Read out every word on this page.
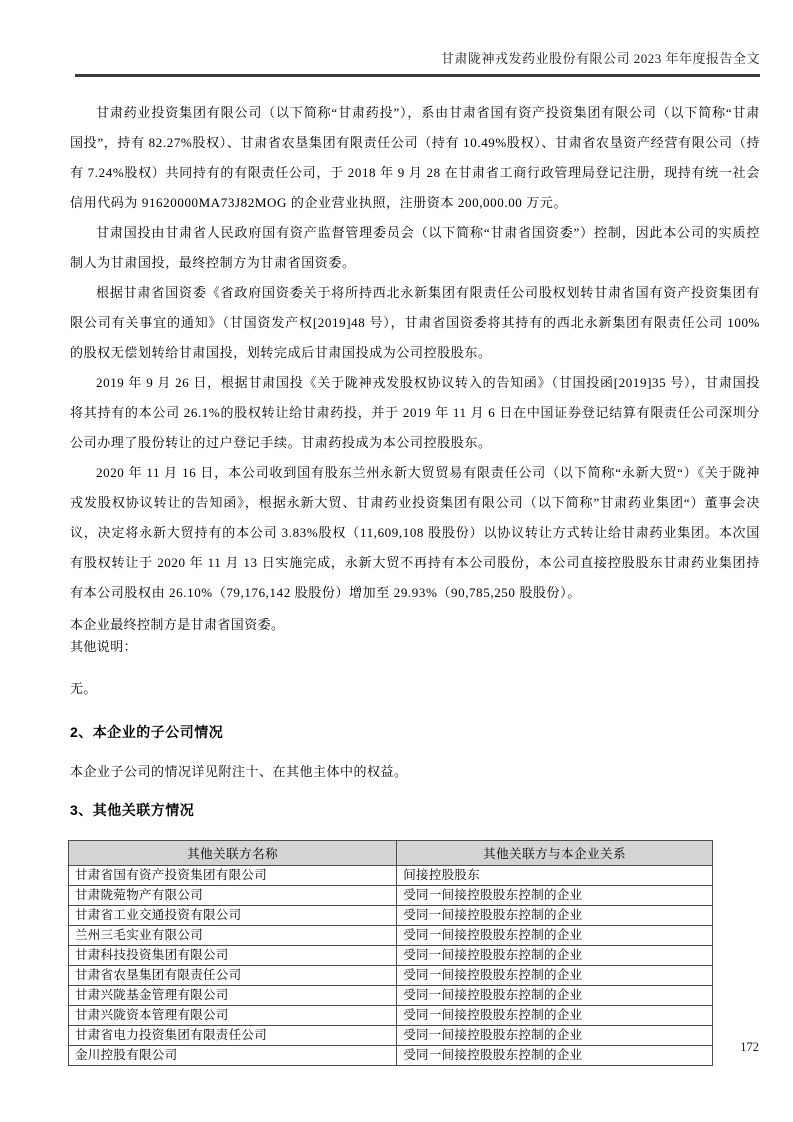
甘肃陇神戎发药业股份有限公司 2023 年年度报告全文

甘肃药业投资集团有限公司（以下简称“甘肃药投”），系由甘肃省国有资产投资集团有限公司（以下简称“甘肃国投”，持有 82.27%股权）、甘肃省农垦集团有限责任公司（持有 10.49%股权）、甘肃省农垦资产经营有限公司（持有 7.24%股权）共同持有的有限责任公司，于 2018 年 9 月 28 在甘肃省工商行政管理局登记注册，现持有统一社会信用代码为 91620000MA73J82MOG 的企业营业执照，注册资本 200,000.00 万元。

甘肃国投由甘肃省人民政府国有资产监督管理委员会（以下简称“甘肃省国资委”）控制，因此本公司的实质控制人为甘肃国投，最终控制方为甘肃省国资委。

根据甘肃省国资委《省政府国资委关于将所持西北永新集团有限责任公司股权划转甘肃省国有资产投资集团有限公司有关事宜的通知》（甘国资发产权[2019]48 号），甘肃省国资委将其持有的西北永新集团有限责任公司 100%的股权无偿划转给甘肃国投，划转完成后甘肃国投成为公司控股股东。

2019 年 9 月 26 日，根据甘肃国投《关于陇神戎发股权协议转入的告知函》（甘国投函[2019]35 号），甘肃国投将其持有的本公司 26.1%的股权转让给甘肃药投，并于 2019 年 11 月 6 日在中国证券登记结算有限责任公司深圳分公司办理了股份转让的过户登记手续。甘肃药投成为本公司控股股东。

2020 年 11 月 16 日，本公司收到国有股东兰州永新大贸贸易有限责任公司（以下简称“永新大贸“）《关于陇神戎发股权协议转让的告知函》，根据永新大贸、甘肃药业投资集团有限公司（以下简称”甘肃药业集团“）董事会决议，决定将永新大贸持有的本公司 3.83%股权（11,609,108 股股份）以协议转让方式转让给甘肃药业集团。本次国有股权转让于 2020 年 11 月 13 日实施完成，永新大贸不再持有本公司股份，本公司直接控股股东甘肃药业集团持有本公司股权由 26.10%（79,176,142 股股份）增加至 29.93%（90,785,250 股股份）。

本企业最终控制方是甘肃省国资委。
其他说明：
无。
2、本企业的子公司情况

本企业子公司的情况详见附注十、在其他主体中的权益。

3、其他关联方情况
其他关联方名称	其他关联方与本企业关系
甘肃省国有资产投资集团有限公司	间接控股股东
甘肃陇菀物产有限公司	受同一间接控股股东控制的企业
甘肃省工业交通投资有限公司	受同一间接控股股东控制的企业
兰州三毛实业有限公司	受同一间接控股股东控制的企业
甘肃科技投资集团有限公司	受同一间接控股股东控制的企业
甘肃省农垦集团有限责任公司	受同一间接控股股东控制的企业
甘肃兴陇基金管理有限公司	受同一间接控股股东控制的企业
甘肃兴陇资本管理有限公司	受同一间接控股股东控制的企业
甘肃省电力投资集团有限责任公司	受同一间接控股股东控制的企业
金川控股有限公司	受同一间接控股股东控制的企业
172
